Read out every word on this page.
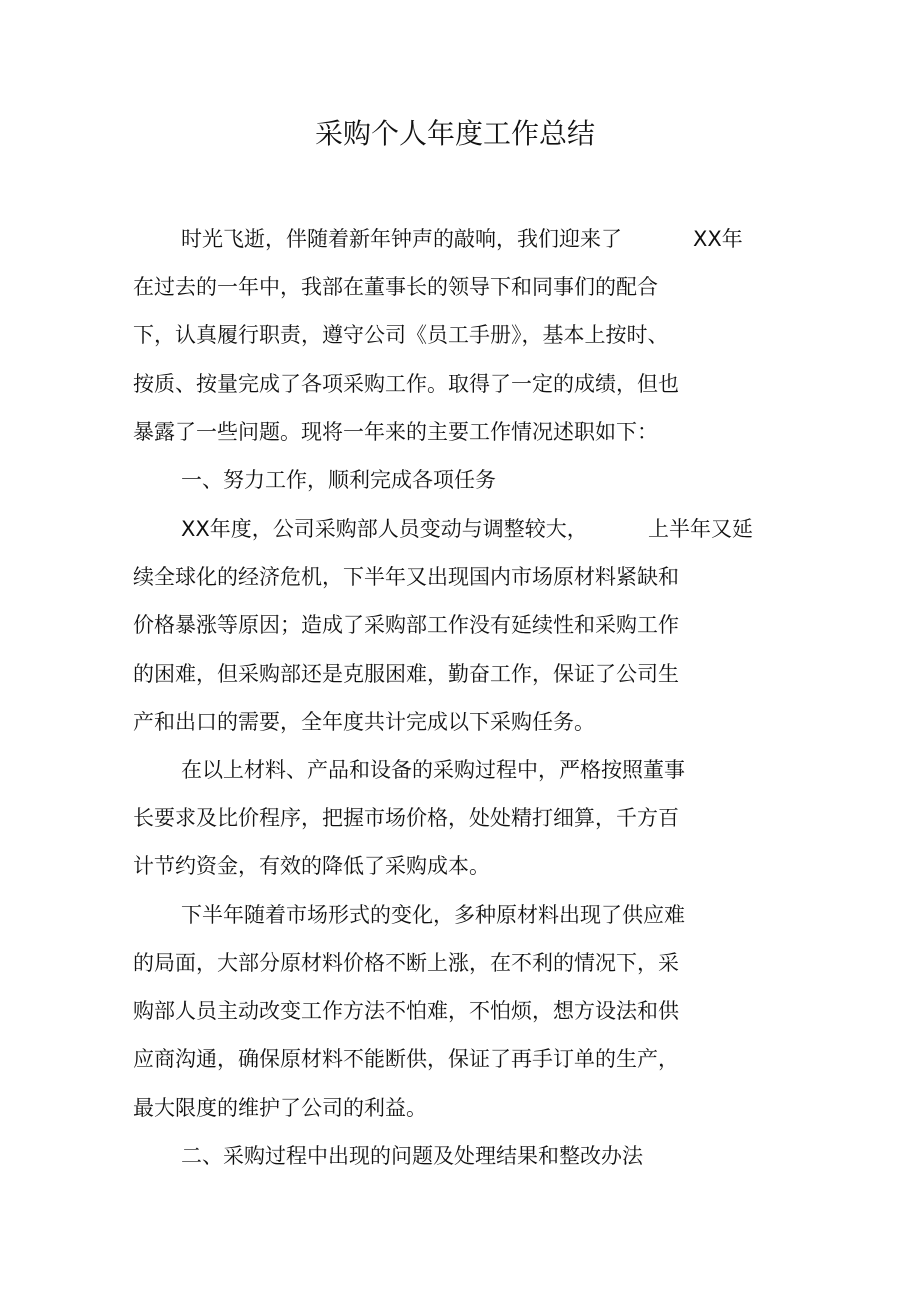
采购个人年度工作总结
时光飞逝，伴随着新年钟声的敲响，我们迎来了	XX年
在过去的一年中，我部在董事长的领导下和同事们的配合
下，认真履行职责，遵守公司《员工手册》，基本上按时、
按质、按量完成了各项采购工作。取得了一定的成绩，但也
暴露了一些问题。现将一年来的主要工作情况述职如下：
一、努力工作，顺利完成各项任务
XX年度，公司采购部人员变动与调整较大，	上半年又延
续全球化的经济危机，下半年又出现国内市场原材料紧缺和
价格暴涨等原因；造成了采购部工作没有延续性和采购工作
的困难，但采购部还是克服困难，勤奋工作，保证了公司生
产和出口的需要，全年度共计完成以下采购任务。
在以上材料、产品和设备的采购过程中，严格按照董事
长要求及比价程序，把握市场价格，处处精打细算，千方百
计节约资金，有效的降低了采购成本。
下半年随着市场形式的变化，多种原材料出现了供应难
的局面，大部分原材料价格不断上涨，在不利的情况下，采
购部人员主动改变工作方法不怕难，不怕烦，想方设法和供
应商沟通，确保原材料不能断供，保证了再手订单的生产，
最大限度的维护了公司的利益。
二、采购过程中出现的问题及处理结果和整改办法
